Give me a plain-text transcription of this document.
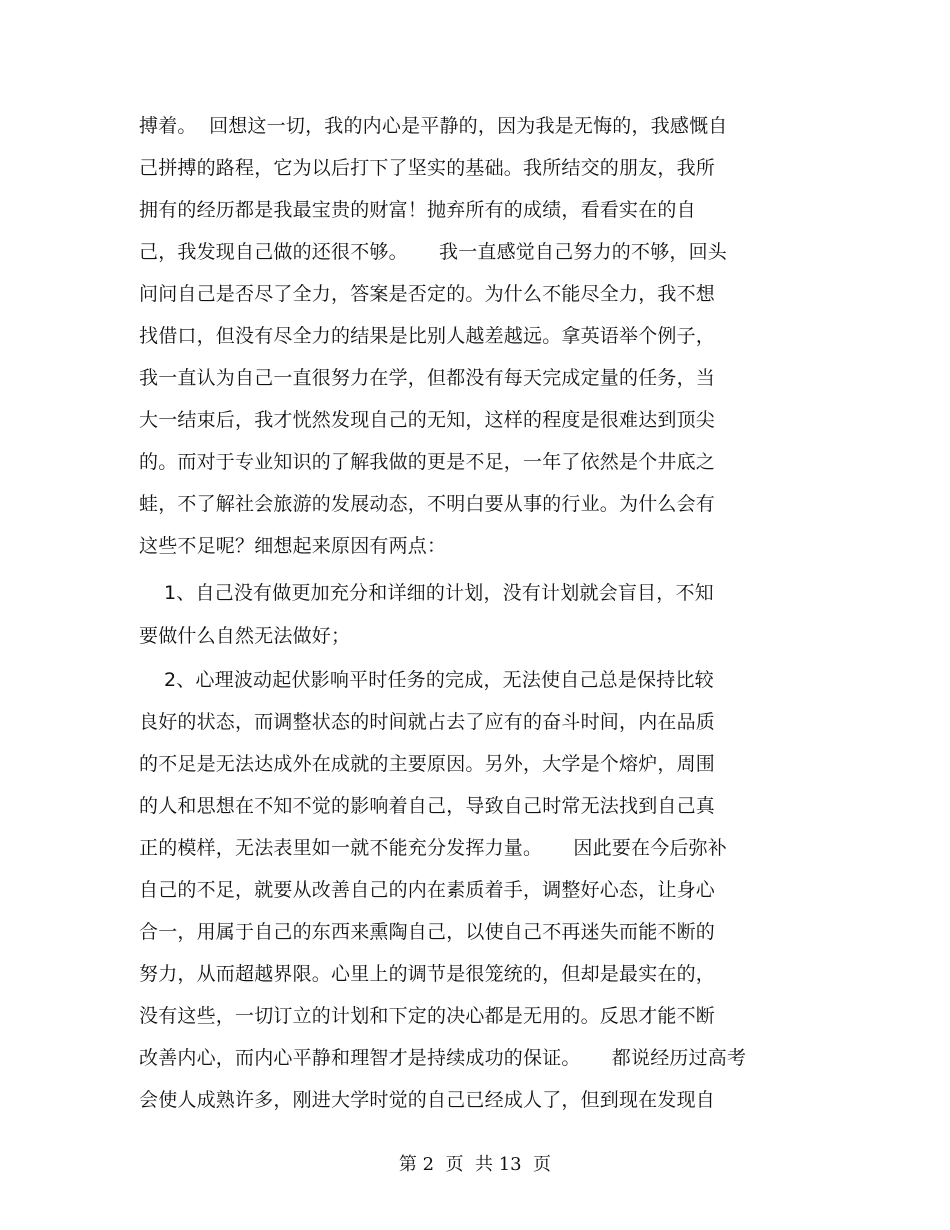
搏着。  回想这一切，我的内心是平静的，因为我是无悔的，我感慨自
己拼搏的路程，它为以后打下了坚实的基础。我所结交的朋友，我所
拥有的经历都是我最宝贵的财富！抛弃所有的成绩，看看实在的自
己，我发现自己做的还很不够。     我一直感觉自己努力的不够，回头
问问自己是否尽了全力，答案是否定的。为什么不能尽全力，我不想
找借口，但没有尽全力的结果是比别人越差越远。拿英语举个例子，
我一直认为自己一直很努力在学，但都没有每天完成定量的任务，当
大一结束后，我才恍然发现自己的无知，这样的程度是很难达到顶尖
的。而对于专业知识的了解我做的更是不足，一年了依然是个井底之
蛙，不了解社会旅游的发展动态，不明白要从事的行业。为什么会有
这些不足呢？细想起来原因有两点：
1、自己没有做更加充分和详细的计划，没有计划就会盲目，不知
要做什么自然无法做好；
2、心理波动起伏影响平时任务的完成，无法使自己总是保持比较
良好的状态，而调整状态的时间就占去了应有的奋斗时间，内在品质
的不足是无法达成外在成就的主要原因。另外，大学是个熔炉，周围
的人和思想在不知不觉的影响着自己，导致自己时常无法找到自己真
正的模样，无法表里如一就不能充分发挥力量。     因此要在今后弥补
自己的不足，就要从改善自己的内在素质着手，调整好心态，让身心
合一，用属于自己的东西来熏陶自己，以使自己不再迷失而能不断的
努力，从而超越界限。心里上的调节是很笼统的，但却是最实在的，
没有这些，一切订立的计划和下定的决心都是无用的。反思才能不断
改善内心，而内心平静和理智才是持续成功的保证。     都说经历过高考
会使人成熟许多，刚进大学时觉的自己已经成人了，但到现在发现自
第 2  页  共 13  页
